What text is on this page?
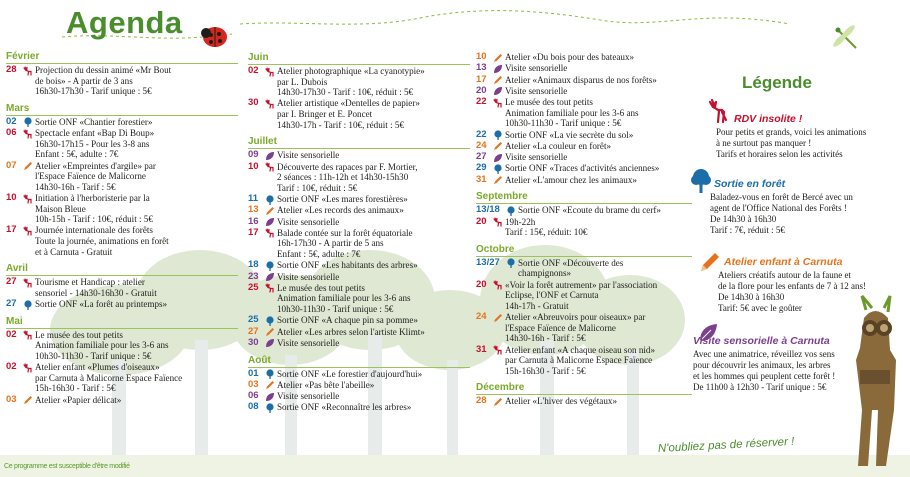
Agenda
Février
28	Projection du dessin animé «Mr Bout
de bois» - A partir de 3 ans
16h30-17h30 - Tarif unique : 5€
Mars
02	Sortie ONF «Chantier forestier»
06	Spectacle enfant «Bap Di Boup»
16h30-17h15 - Pour les 3-8 ans
Enfant : 5€, adulte : 7€
07	Atelier «Empreintes d'argile» par
l'Espace Faïence de Malicorne
14h30-16h - Tarif : 5€
10	Initiation à l'herboristerie par la
Maison Bleue
10h-15h - Tarif : 10€, réduit : 5€
17	Journée internationale des forêts
Toute la journée, animations en forêt
et à Carnuta - Gratuit
Avril
27	Tourisme et Handicap : atelier
sensoriel - 14h30-16h30 - Gratuit
27	Sortie ONF «La forêt au printemps»
Mai
02	Le musée des tout petits
Animation familiale pour les 3-6 ans
10h30-11h30 - Tarif unique : 5€
02	Atelier enfant «Plumes d'oiseaux»
par Carnuta à Malicorne Espace Faïence
15h-16h30 - Tarif : 5€
03	Atelier «Papier délicat»
Juin
02	Atelier photographique «La cyanotypie»
par L. Dubois
14h30-17h30 - Tarif : 10€, réduit : 5€
30	Atelier artistique «Dentelles de papier»
par I. Bringer et E. Poncet
14h30-17h - Tarif : 10€, réduit : 5€
Juillet
09	Visite sensorielle
10	Découverte des rapaces par F. Mortier,
2 séances : 11h-12h et 14h30-15h30
Tarif : 10€, réduit : 5€
11	Sortie ONF «Les mares forestières»
13	Atelier «Les records des animaux»
16	Visite sensorielle
17	Balade contée sur la forêt équatoriale
16h-17h30 - A partir de 5 ans
Enfant : 5€, adulte : 7€
18	Sortie ONF «Les habitants des arbres»
23	Visite sensorielle
25	Le musée des tout petits
Animation familiale pour les 3-6 ans
10h30-11h30 - Tarif unique : 5€
25	Sortie ONF «A chaque pin sa pomme»
27	Atelier «Les arbres selon l'artiste Klimt»
30	Visite sensorielle
Août
01	Sortie ONF «Le forestier d'aujourd'hui»
03	Atelier «Pas bête l'abeille»
06	Visite sensorielle
08	Sortie ONF «Reconnaître les arbres»
10	Atelier «Du bois pour des bateaux»
13	Visite sensorielle
17	Atelier «Animaux disparus de nos forêts»
20	Visite sensorielle
22	Le musée des tout petits
Animation familiale pour les 3-6 ans
10h30-11h30 - Tarif unique : 5€
22	Sortie ONF «La vie secrète du sol»
24	Atelier «La couleur en forêt»
27	Visite sensorielle
29	Sortie ONF «Traces d'activités anciennes»
31	Atelier «L'amour chez les animaux»
Septembre
13/18	Sortie ONF «Ecoute du brame du cerf»
20	19h-22h
Tarif : 15€, réduit: 10€
Octobre
13/27	Sortie ONF «Découverte des
champignons»
20	«Voir la forêt autrement» par l'association
Eclipse, l'ONF et Carnuta
14h-17h - Gratuit
24	Atelier «Abreuvoirs pour oiseaux» par
l'Espace Faïence de Malicorne
14h30-16h - Tarif : 5€
31	Atelier enfant «A chaque oiseau son nid»
par Carnuta à Malicorne Espace Faïence
15h-16h30 - Tarif : 5€
Décembre
28	Atelier «L'hiver des végétaux»
Légende
RDV insolite !
Pour petits et grands, voici les animations
à ne surtout pas manquer !
Tarifs et horaires selon les activités
Sortie en forêt
Baladez-vous en forêt de Bercé avec un
agent de l'Office National des Forêts !
De 14h30 à 16h30
Tarif : 7€, réduit : 5€
Atelier enfant à Carnuta
Ateliers créatifs autour de la faune et
de la flore pour les enfants de 7 à 12 ans!
De 14h30 à 16h30
Tarif: 5€ avec le goûter
Visite sensorielle à Carnuta
Avec une animatrice, réveillez vos sens
pour découvrir les animaux, les arbres
et les hommes qui peuplent cette forêt !
De 11h00 à 12h30 - Tarif unique : 5€
N'oubliez pas de réserver !
Ce programme est susceptible d'être modifié
